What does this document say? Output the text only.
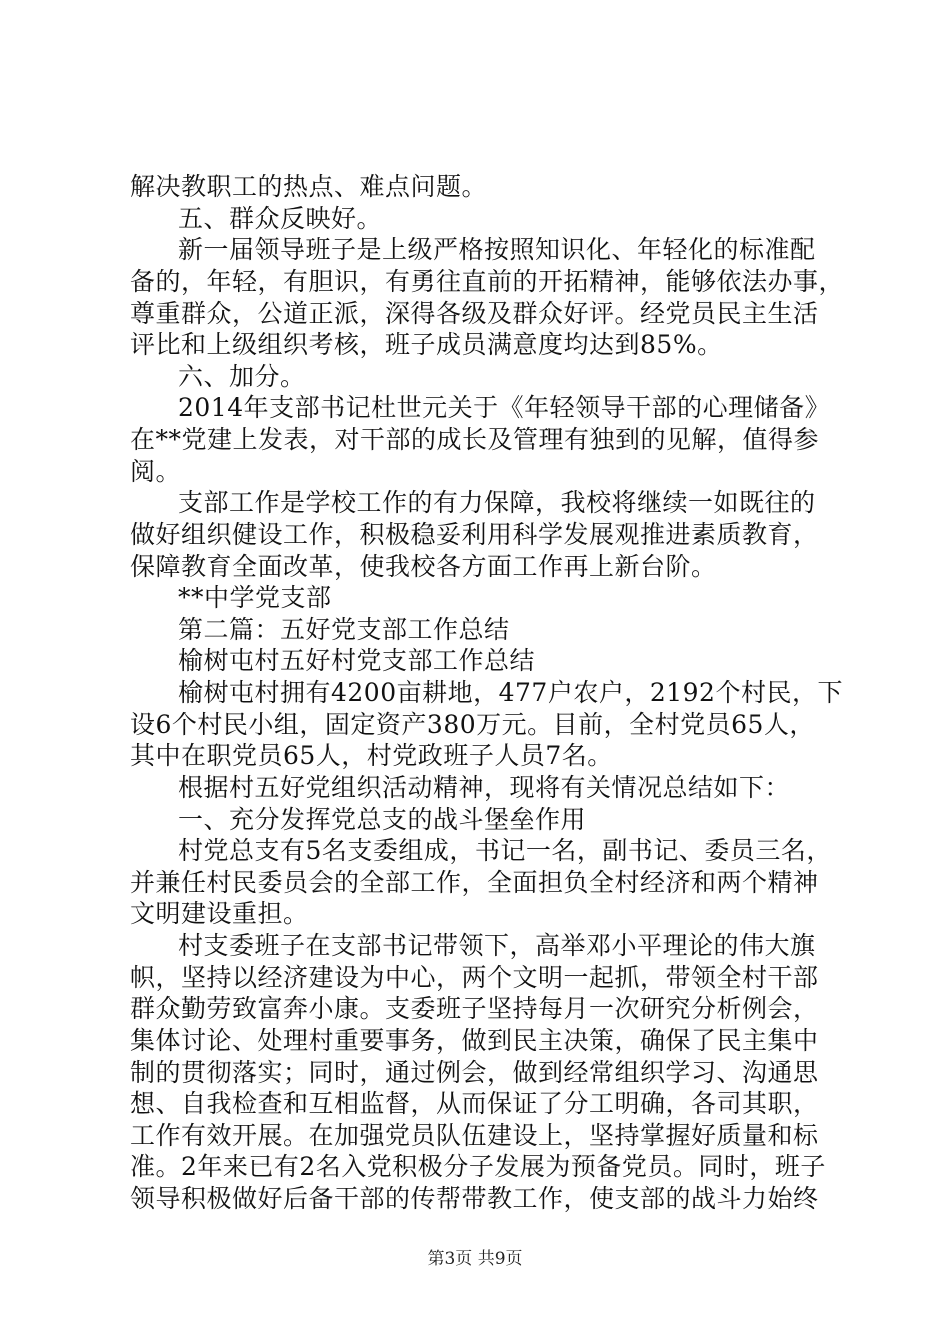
第3页 共9页
解决教职工的热点、难点问题。
五、群众反映好。
新一届领导班子是上级严格按照知识化、年轻化的标准配
备的，年轻，有胆识，有勇往直前的开拓精神，能够依法办事，
尊重群众，公道正派，深得各级及群众好评。经党员民主生活
评比和上级组织考核，班子成员满意度均达到85%。
六、加分。
2014年支部书记杜世元关于《年轻领导干部的心理储备》
在**党建上发表，对干部的成长及管理有独到的见解，值得参
阅。
支部工作是学校工作的有力保障，我校将继续一如既往的
做好组织健设工作，积极稳妥利用科学发展观推进素质教育，
保障教育全面改革，使我校各方面工作再上新台阶。
**中学党支部
第二篇：五好党支部工作总结
榆树屯村五好村党支部工作总结
榆树屯村拥有4200亩耕地，477户农户，2192个村民，下
设6个村民小组，固定资产380万元。目前，全村党员65人，
其中在职党员65人，村党政班子人员7名。
根据村五好党组织活动精神，现将有关情况总结如下：
一、充分发挥党总支的战斗堡垒作用
村党总支有5名支委组成，书记一名，副书记、委员三名，
并兼任村民委员会的全部工作，全面担负全村经济和两个精神
文明建设重担。
村支委班子在支部书记带领下，高举邓小平理论的伟大旗
帜，坚持以经济建设为中心，两个文明一起抓，带领全村干部
群众勤劳致富奔小康。支委班子坚持每月一次研究分析例会，
集体讨论、处理村重要事务，做到民主决策，确保了民主集中
制的贯彻落实；同时，通过例会，做到经常组织学习、沟通思
想、自我检查和互相监督，从而保证了分工明确，各司其职，
工作有效开展。在加强党员队伍建设上，坚持掌握好质量和标
准。2年来已有2名入党积极分子发展为预备党员。同时，班子
领导积极做好后备干部的传帮带教工作，使支部的战斗力始终
